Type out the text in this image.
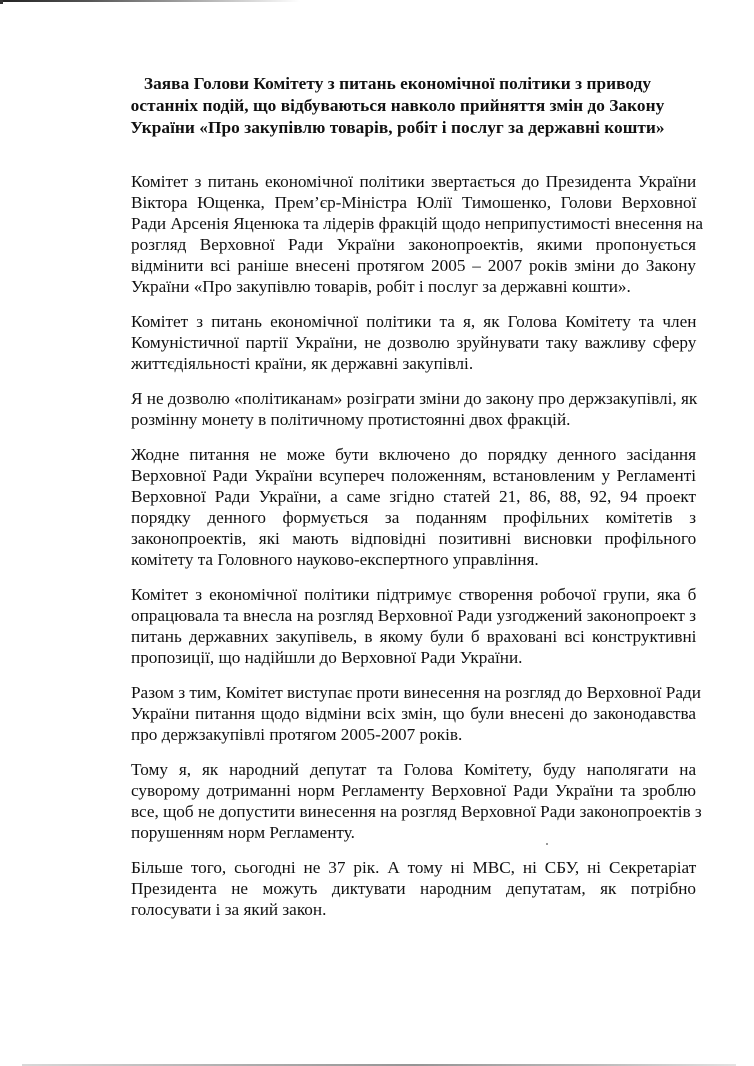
Заява Голови Комітету з питань економічної політики з приводу
останніх подій, що відбуваються навколо прийняття змін до Закону
України «Про закупівлю товарів, робіт і послуг за державні кошти»
Комітет з питань економічної політики звертається до Президента України
Віктора Ющенка, Прем’єр-Міністра Юлії Тимошенко, Голови Верховної
Ради Арсенія Яценюка та лідерів фракцій щодо неприпустимості внесення на
розгляд Верховної Ради України законопроектів, якими пропонується
відмінити всі раніше внесені протягом 2005 – 2007 років зміни до Закону
України «Про закупівлю товарів, робіт і послуг за державні кошти».
Комітет з питань економічної політики та я, як Голова Комітету та член
Комуністичної партії України, не дозволю зруйнувати таку важливу сферу
життєдіяльності країни, як державні закупівлі.
Я не дозволю «політиканам» розіграти зміни до закону про держзакупівлі, як
розмінну монету в політичному протистоянні двох фракцій.
Жодне питання не може бути включено до порядку денного засідання
Верховної Ради України всупереч положенням, встановленим у Регламенті
Верховної Ради України, а саме згідно статей 21, 86, 88, 92, 94 проект
порядку денного формується за поданням профільних комітетів з
законопроектів, які мають відповідні позитивні висновки профільного
комітету та Головного науково-експертного управління.
Комітет з економічної політики підтримує створення робочої групи, яка б
опрацювала та внесла на розгляд Верховної Ради узгоджений законопроект з
питань державних закупівель, в якому були б враховані всі конструктивні
пропозиції, що надійшли до Верховної Ради України.
Разом з тим, Комітет виступає проти винесення на розгляд до Верховної Ради
України питання щодо відміни всіх змін, що були внесені до законодавства
про держзакупівлі протягом 2005-2007 років.
Тому я, як народний депутат та Голова Комітету, буду наполягати на
суворому дотриманні норм Регламенту Верховної Ради України та зроблю
все, щоб не допустити винесення на розгляд Верховної Ради законопроектів з
порушенням норм Регламенту.
Більше того, сьогодні не 37 рік. А тому ні МВС, ні СБУ, ні Секретаріат
Президента не можуть диктувати народним депутатам, як потрібно
голосувати і за який закон.
